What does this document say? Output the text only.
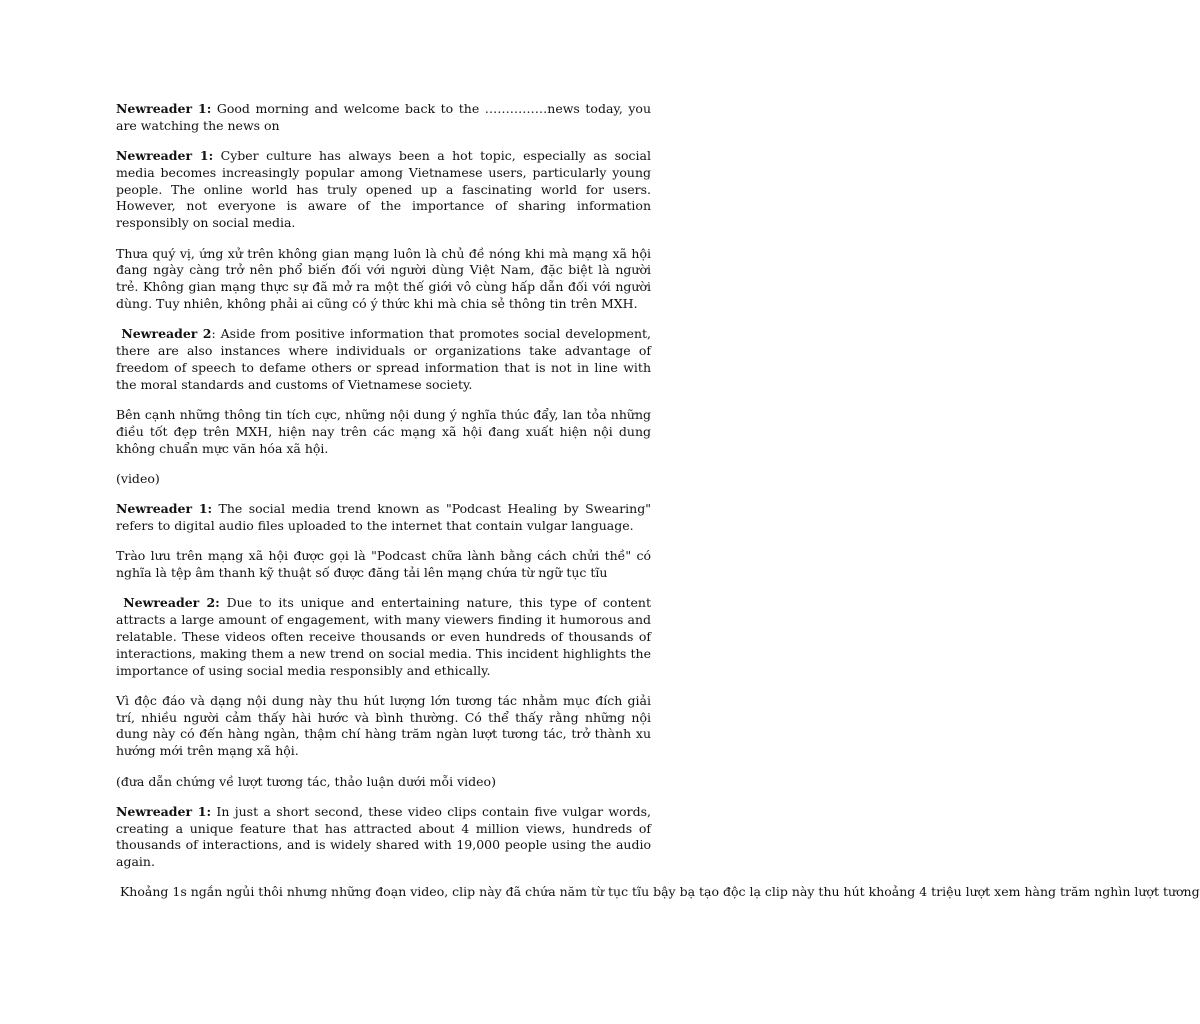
Newreader 1: Good morning and welcome back to the ……………news today, you are watching the news on

Newreader 1: Cyber culture has always been a hot topic, especially as social media becomes increasingly popular among Vietnamese users, particularly young people. The online world has truly opened up a fascinating world for users. However, not everyone is aware of the importance of sharing information responsibly on social media.

Thưa quý vị, ứng xử trên không gian mạng luôn là chủ đề nóng khi mà mạng xã hội đang ngày càng trở nên phổ biến đối với người dùng Việt Nam, đặc biệt là người trẻ. Không gian mạng thực sự đã mở ra một thế giới vô cùng hấp dẫn đối với người dùng. Tuy nhiên, không phải ai cũng có ý thức khi mà chia sẻ thông tin trên MXH.

Newreader 2: Aside from positive information that promotes social development, there are also instances where individuals or organizations take advantage of freedom of speech to defame others or spread information that is not in line with the moral standards and customs of Vietnamese society.

Bên cạnh những thông tin tích cực, những nội dung ý nghĩa thúc đẩy, lan tỏa những điều tốt đẹp trên MXH, hiện nay trên các mạng xã hội đang xuất hiện nội dung không chuẩn mực văn hóa xã hội.

(video)

Newreader 1: The social media trend known as "Podcast Healing by Swearing" refers to digital audio files uploaded to the internet that contain vulgar language.

Trào lưu trên mạng xã hội được gọi là "Podcast chữa lành bằng cách chửi thề" có nghĩa là tệp âm thanh kỹ thuật số được đăng tải lên mạng chứa từ ngữ tục tĩu

Newreader 2: Due to its unique and entertaining nature, this type of content attracts a large amount of engagement, with many viewers finding it humorous and relatable. These videos often receive thousands or even hundreds of thousands of interactions, making them a new trend on social media. This incident highlights the importance of using social media responsibly and ethically.

Vì độc đáo và dạng nội dung này thu hút lượng lớn tương tác nhằm mục đích giải trí, nhiều người cảm thấy hài hước và bình thường. Có thể thấy rằng những nội dung này có đến hàng ngàn, thậm chí hàng trăm ngàn lượt tương tác, trở thành xu hướng mới trên mạng xã hội.

(đưa dẫn chứng về lượt tương tác, thảo luận dưới mỗi video)

Newreader 1: In just a short second, these video clips contain five vulgar words, creating a unique feature that has attracted about 4 million views, hundreds of thousands of interactions, and is widely shared with 19,000 people using the audio again.

Khoảng 1s ngắn ngủi thôi nhưng những đoạn video, clip này đã chứa năm từ tục tĩu bậy bạ tạo độc lạ clip này thu hút khoảng 4 triệu lượt xem hàng trăm nghìn lượt tương
